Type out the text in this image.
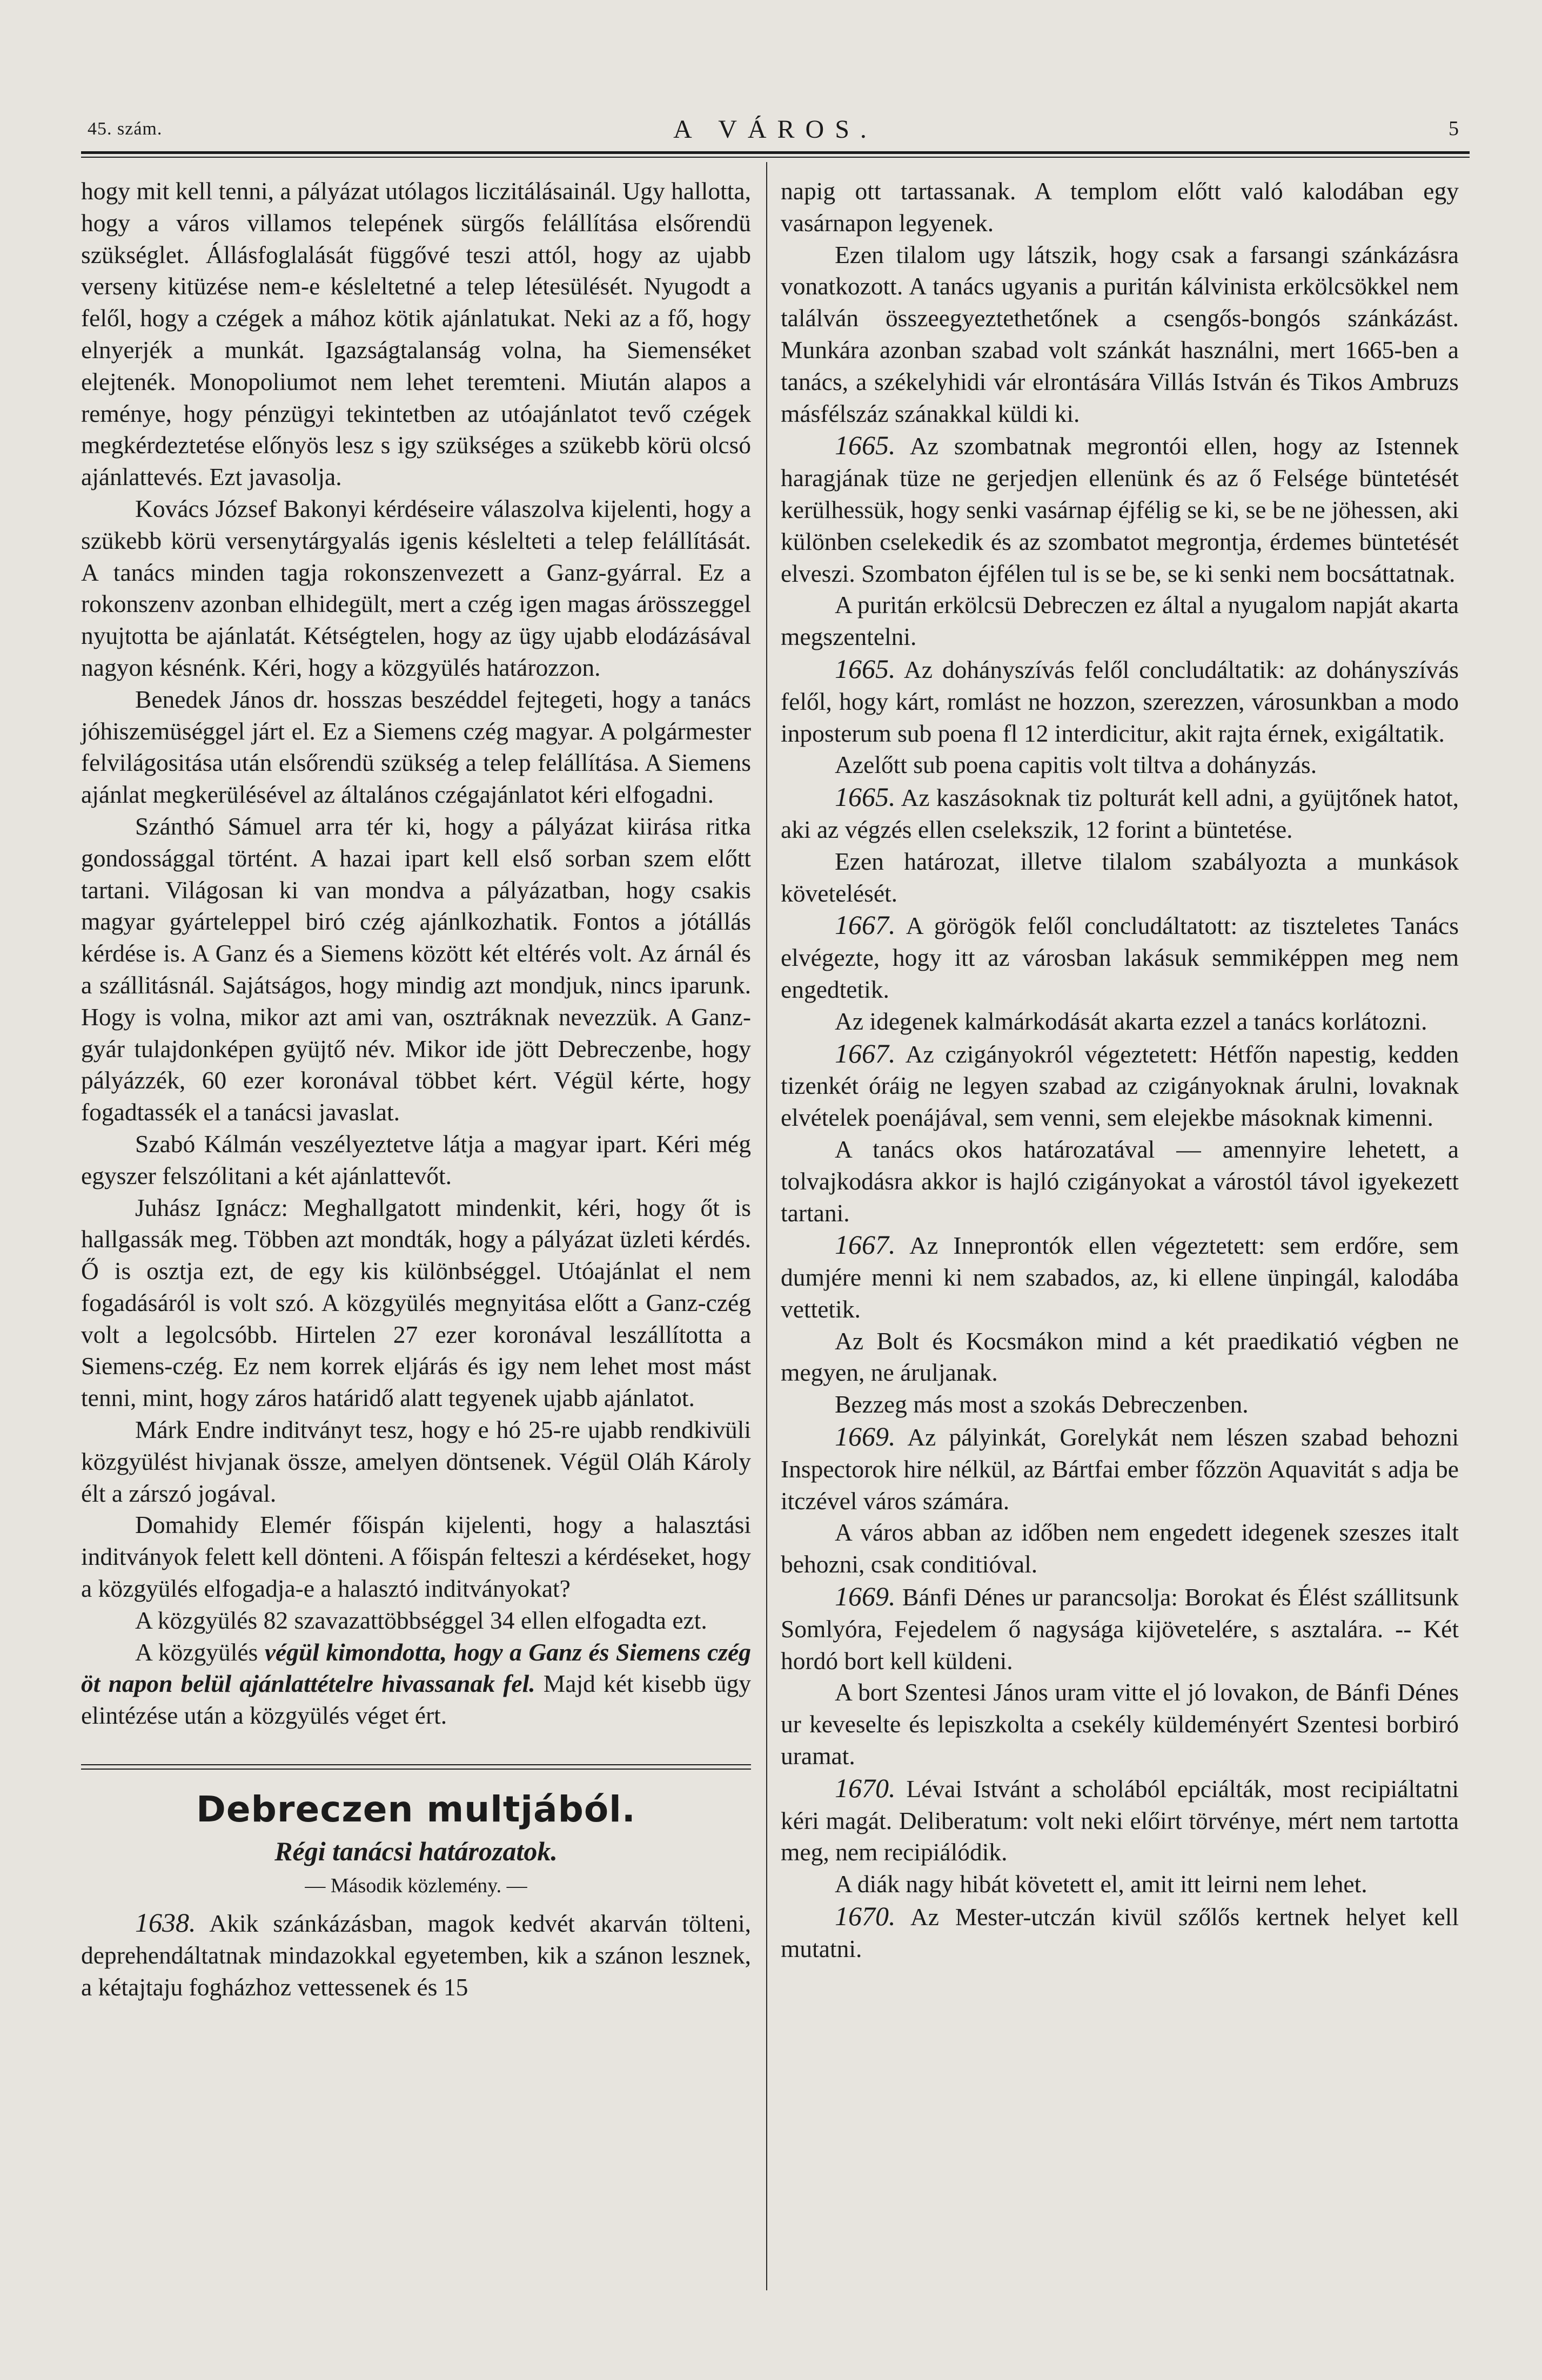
45. szám.	A VÁROS.	5

hogy mit kell tenni, a pályázat utólagos liczitálásainál. Ugy hallotta, hogy a város villamos telepének sürgős felállítása elsőrendü szükséglet. Állásfoglalását függővé teszi attól, hogy az ujabb verseny kitüzése nem-e késleltetné a telep létesülését. Nyugodt a felől, hogy a czégek a mához kötik ajánlatukat. Neki az a fő, hogy elnyerjék a munkát. Igazságtalanság volna, ha Siemenséket elejtenék. Monopoliumot nem lehet teremteni. Miután alapos a reménye, hogy pénzügyi tekintetben az utóajánlatot tevő czégek megkérdeztetése előnyös lesz s igy szükséges a szükebb körü olcsó ajánlattevés. Ezt javasolja.

Kovács József Bakonyi kérdéseire válaszolva kijelenti, hogy a szükebb körü versenytárgyalás igenis késlelteti a telep felállítását. A tanács minden tagja rokonszenvezett a Ganz-gyárral. Ez a rokonszenv azonban elhidegült, mert a czég igen magas árösszeggel nyujtotta be ajánlatát. Kétségtelen, hogy az ügy ujabb elodázásával nagyon késnénk. Kéri, hogy a közgyülés határozzon.

Benedek János dr. hosszas beszéddel fejtegeti, hogy a tanács jóhiszemüséggel járt el. Ez a Siemens czég magyar. A polgármester felvilágositása után elsőrendü szükség a telep felállítása. A Siemens ajánlat megkerülésével az általános czégajánlatot kéri elfogadni.

Szánthó Sámuel arra tér ki, hogy a pályázat kiirása ritka gondossággal történt. A hazai ipart kell első sorban szem előtt tartani. Világosan ki van mondva a pályázatban, hogy csakis magyar gyárteleppel biró czég ajánlkozhatik. Fontos a jótállás kérdése is. A Ganz és a Siemens között két eltérés volt. Az árnál és a szállitásnál. Sajátságos, hogy mindig azt mondjuk, nincs iparunk. Hogy is volna, mikor azt ami van, osztráknak nevezzük. A Ganz-gyár tulajdonképen gyüjtő név. Mikor ide jött Debreczenbe, hogy pályázzék, 60 ezer koronával többet kért. Végül kérte, hogy fogadtassék el a tanácsi javaslat.

Szabó Kálmán veszélyeztetve látja a magyar ipart. Kéri még egyszer felszólitani a két ajánlattevőt.

Juhász Ignácz: Meghallgatott mindenkit, kéri, hogy őt is hallgassák meg. Többen azt mondták, hogy a pályázat üzleti kérdés. Ő is osztja ezt, de egy kis különbséggel. Utóajánlat el nem fogadásáról is volt szó. A közgyülés megnyitása előtt a Ganz-czég volt a legolcsóbb. Hirtelen 27 ezer koronával leszállította a Siemens-czég. Ez nem korrek eljárás és igy nem lehet most mást tenni, mint, hogy záros határidő alatt tegyenek ujabb ajánlatot.

Márk Endre inditványt tesz, hogy e hó 25-re ujabb rendkivüli közgyülést hivjanak össze, amelyen döntsenek. Végül Oláh Károly élt a zárszó jogával.

Domahidy Elemér főispán kijelenti, hogy a halasztási inditványok felett kell dönteni. A főispán felteszi a kérdéseket, hogy a közgyülés elfogadja-e a halasztó inditványokat?

A közgyülés 82 szavazattöbbséggel 34 ellen elfogadta ezt.

A közgyülés végül kimondotta, hogy a Ganz és Siemens czég öt napon belül ajánlattételre hivassanak fel. Majd két kisebb ügy elintézése után a közgyülés véget ért.

Debreczen multjából.
Régi tanácsi határozatok.
— Második közlemény. —

1638. Akik szánkázásban, magok kedvét akarván tölteni, deprehendáltatnak mindazokkal egyetemben, kik a szánon lesznek, a kétajtaju fogházhoz vettessenek és 15

napig ott tartassanak. A templom előtt való kalodában egy vasárnapon legyenek.

Ezen tilalom ugy látszik, hogy csak a farsangi szánkázásra vonatkozott. A tanács ugyanis a puritán kálvinista erkölcsökkel nem találván összeegyeztethetőnek a csengős-bongós szánkázást. Munkára azonban szabad volt szánkát használni, mert 1665-ben a tanács, a székelyhidi vár elrontására Villás István és Tikos Ambruzs másfélszáz szánakkal küldi ki.

1665. Az szombatnak megrontói ellen, hogy az Istennek haragjának tüze ne gerjedjen ellenünk és az ő Felsége büntetését kerülhessük, hogy senki vasárnap éjfélig se ki, se be ne jöhessen, aki különben cselekedik és az szombatot megrontja, érdemes büntetését elveszi. Szombaton éjfélen tul is se be, se ki senki nem bocsáttatnak.

A puritán erkölcsü Debreczen ez által a nyugalom napját akarta megszentelni.

1665. Az dohányszívás felől concludáltatik: az dohányszívás felől, hogy kárt, romlást ne hozzon, szerezzen, városunkban a modo inposterum sub poena fl 12 interdicitur, akit rajta érnek, exigáltatik.

Azelőtt sub poena capitis volt tiltva a dohányzás.

1665. Az kaszásoknak tiz polturát kell adni, a gyüjtőnek hatot, aki az végzés ellen cselekszik, 12 forint a büntetése.

Ezen határozat, illetve tilalom szabályozta a munkások követelését.

1667. A görögök felől concludáltatott: az tiszteletes Tanács elvégezte, hogy itt az városban lakásuk semmiképpen meg nem engedtetik.

Az idegenek kalmárkodását akarta ezzel a tanács korlátozni.

1667. Az czigányokról végeztetett: Hétfőn napestig, kedden tizenkét óráig ne legyen szabad az czigányoknak árulni, lovaknak elvételek poenájával, sem venni, sem elejekbe másoknak kimenni.

A tanács okos határozatával — amennyire lehetett, a tolvajkodásra akkor is hajló czigányokat a várostól távol igyekezett tartani.

1667. Az Inneprontók ellen végeztetett: sem erdőre, sem dumjére menni ki nem szabados, az, ki ellene ünpingál, kalodába vettetik.

Az Bolt és Kocsmákon mind a két praedikatió végben ne megyen, ne áruljanak.

Bezzeg más most a szokás Debreczenben.

1669. Az pályinkát, Gorelykát nem lészen szabad behozni Inspectorok hire nélkül, az Bártfai ember főzzön Aquavitát s adja be itczével város számára.

A város abban az időben nem engedett idegenek szeszes italt behozni, csak conditióval.

1669. Bánfi Dénes ur parancsolja: Borokat és Élést szállitsunk Somlyóra, Fejedelem ő nagysága kijövetelére, s asztalára. -- Két hordó bort kell küldeni.

A bort Szentesi János uram vitte el jó lovakon, de Bánfi Dénes ur keveselte és lepiszkolta a csekély küldeményért Szentesi borbiró uramat.

1670. Lévai Istvánt a scholából epciálták, most recipiáltatni kéri magát. Deliberatum: volt neki előirt törvénye, mért nem tartotta meg, nem recipiálódik.

A diák nagy hibát követett el, amit itt leirni nem lehet.

1670. Az Mester-utczán kivül szőlős kertnek helyet kell mutatni.
